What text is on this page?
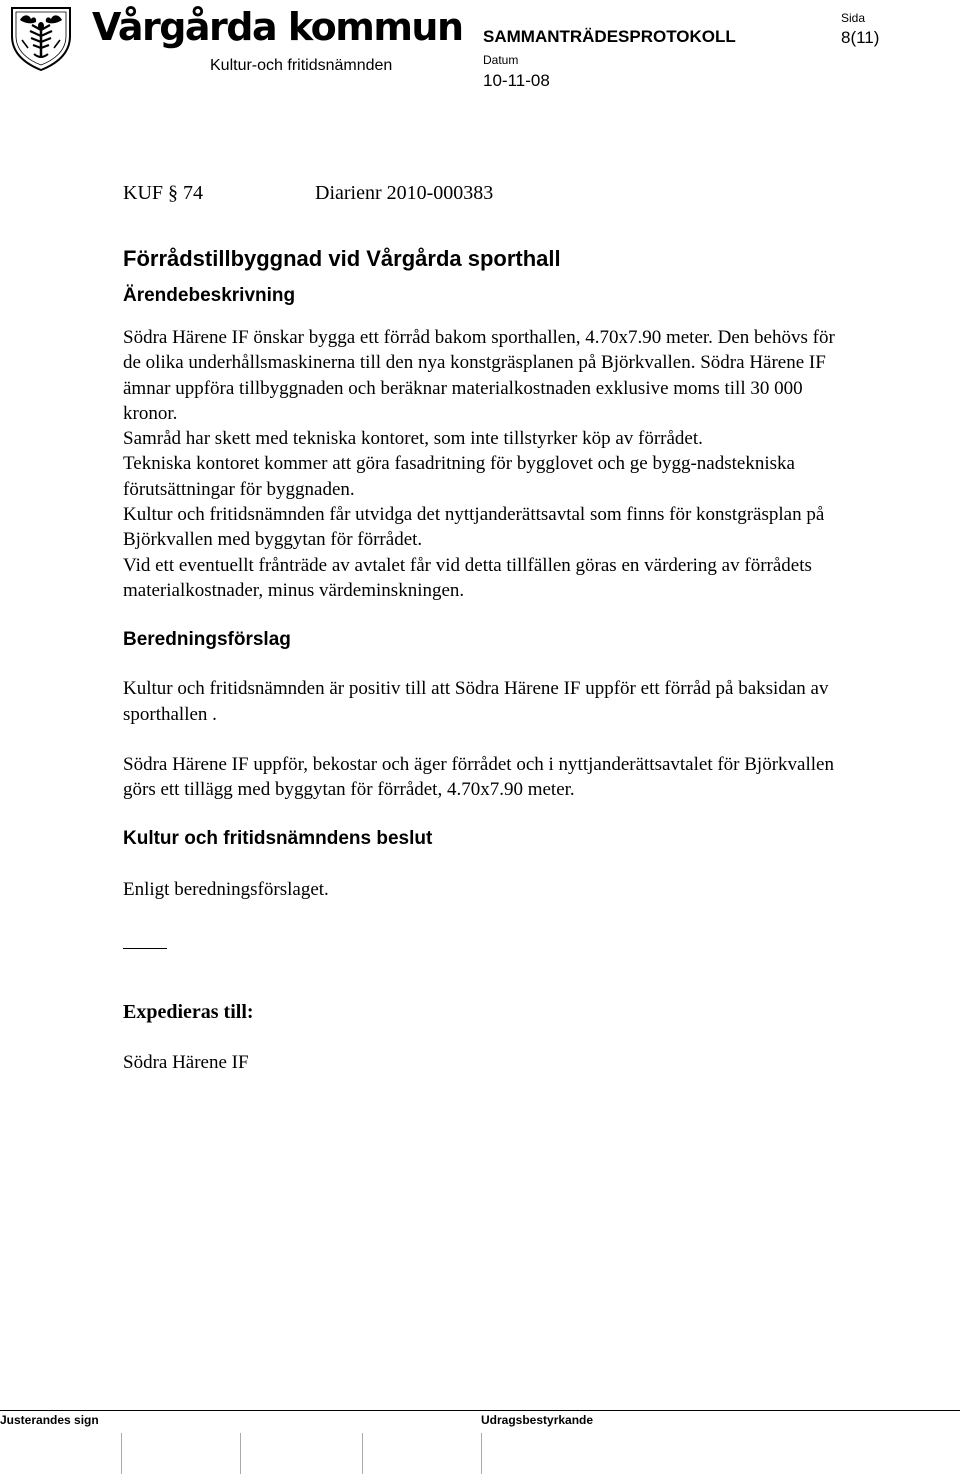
Vårgårda kommun
Kultur-och fritidsnämnden
SAMMANTRÄDESPROTOKOLL
Sida
8(11)
Datum
10-11-08
KUF § 74	Diarienr 2010-000383
Förrådstillbyggnad vid Vårgårda sporthall
Ärendebeskrivning

Södra Härene IF önskar bygga ett förråd bakom sporthallen, 4.70x7.90 meter. Den behövs för de olika underhållsmaskinerna till den nya konstgräsplanen på Björkvallen. Södra Härene IF ämnar uppföra tillbyggnaden och beräknar materialkostnaden exklusive moms till 30 000 kronor.

Samråd har skett med tekniska kontoret, som inte tillstyrker köp av förrådet.

Tekniska kontoret kommer att göra fasadritning för bygglovet och ge bygg-nadstekniska förutsättningar för byggnaden.

Kultur och fritidsnämnden får utvidga det nyttjanderättsavtal som finns för konstgräsplan på Björkvallen med byggytan för förrådet.

Vid ett eventuellt frånträde av avtalet får vid detta tillfällen göras en värdering av förrådets materialkostnader, minus värdeminskningen.

Beredningsförslag

Kultur och fritidsnämnden är positiv till att Södra Härene IF uppför ett förråd på baksidan av sporthallen .

Södra Härene IF uppför, bekostar och äger förrådet och i nyttjanderättsavtalet för Björkvallen görs ett tillägg med byggytan för förrådet, 4.70x7.90 meter.

Kultur och fritidsnämndens beslut

Enligt beredningsförslaget.

Expedieras till:

Södra Härene IF

Justerandes sign	Udragsbestyrkande
